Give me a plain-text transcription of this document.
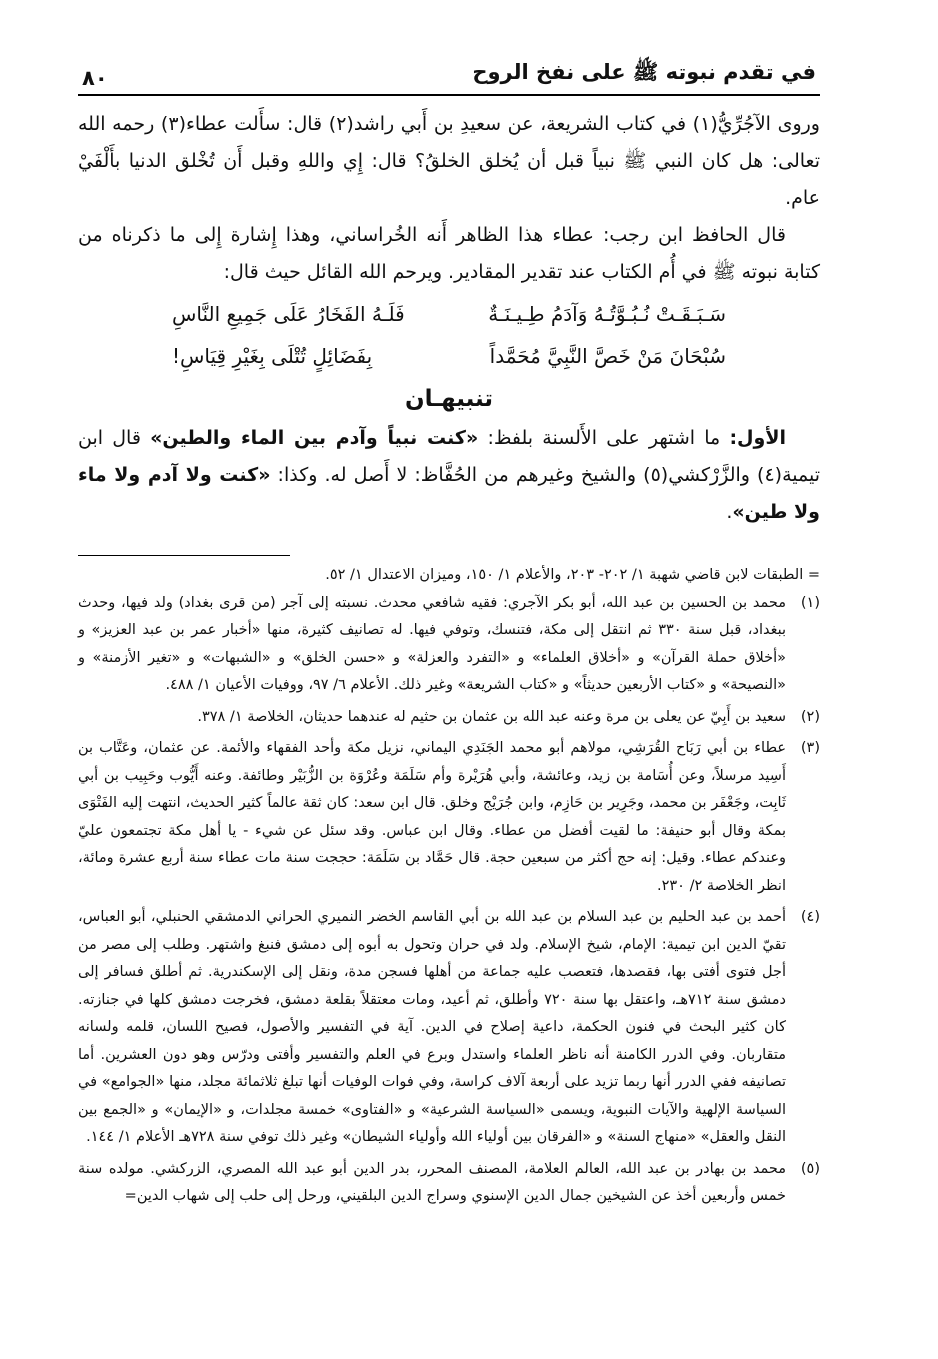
في تقدم نبوته ﷺ على نفخ الروح
٨٠

وروى الآجُرِّيُّ(١) في كتاب الشريعة، عن سعيدِ بن أَبي راشد(٢) قال: سأَلت عطاء(٣) رحمه الله تعالى: هل كان النبي ﷺ نبياً قبل أن يُخلق الخلقُ؟ قال: إِي واللهِ وقبل أَن تُخْلق الدنيا بأَلْفَيْ عام.

قال الحافظ ابن رجب: عطاء هذا الظاهر أَنه الخُراساني، وهذا إِشارة إِلى ما ذكرناه من كتابة نبوته ﷺ في أُم الكتاب عند تقدير المقادير. ويرحم الله القائل حيث قال:

سَـبَـقَـتْ نُـبُـوَّتُـهُ وَآدَمُ طِـيـنَـةٌ
فَلَـهُ الفَخَارُ عَلَى جَمِيعِ النَّاسِ
سُبْحَانَ مَنْ خَصَّ النَّبِيَّ مُحَمَّداً
بِفَضَائِلٍ تُتْلَى بِغَيْرِ قِيَاسِ!
تنبيهـان

الأول: ما اشتهر على الأَلسنة بلفظ: «كنت نبياً وآدم بين الماء والطين» قال ابن تيمية(٤) والزَّرْكشي(٥) والشيخ وغيرهم من الحُفَّاظ: لا أَصل له. وكذا: «كنت ولا آدم ولا ماء ولا طين».

= الطبقات لابن قاضي شهبة ١/ ٢٠٢- ٢٠٣، والأعلام ١/ ١٥٠، وميزان الاعتدال ١/ ٥٢.

(١)
محمد بن الحسين بن عبد الله، أبو بكر الآجري: فقيه شافعي محدث. نسبته إلى آجر (من قرى بغداد) ولد فيها، وحدث ببغداد، قبل سنة ٣٣٠ ثم انتقل إلى مكة، فتنسك، وتوفي فيها. له تصانيف كثيرة، منها «أخبار عمر بن عبد العزيز» و «أخلاق حملة القرآن» و «أخلاق العلماء» و «التفرد والعزلة» و «حسن الخلق» و «الشبهات» و «تغير الأزمنة» و «النصيحة» و «كتاب الأربعين حديثاً» و «كتاب الشريعة» وغير ذلك. الأعلام ٦/ ٩٧، ووفيات الأعيان ١/ ٤٨٨.
(٢)
سعيد بن أَبِيّ عن يعلى بن مرة وعنه عبد الله بن عثمان بن حثيم له عندهما حديثان، الخلاصة ١/ ٣٧٨.
(٣)
عطاء بن أبي رَبَاح القُرَشِي، مولاهم أبو محمد الجَنَدِي اليماني، نزيل مكة وأحد الفقهاء والأئمة. عن عثمان، وعَتَّاب بن أَسِيد مرسلاً، وعن أُسَامة بن زيد، وعائشة، وأبي هُرَيْرة وأم سَلَمَة وعُرْوَة بن الزُّبَيْر وطائفة. وعنه أَيُّوب وحَبِيب بن أبي ثَابِت، وجَعْفَر بن محمد، وجَرِير بن حَازِم، وابن جُرَيْج وخلق. قال ابن سعد: كان ثقة عالماً كثير الحديث، انتهت إليه الفَتْوَى بمكة وقال أبو حنيفة: ما لقيت أفضل من عطاء. وقال ابن عباس. وقد سئل عن شيء - يا أهل مكة تجتمعون عليّ وعندكم عطاء. وقيل: إنه حج أكثر من سبعين حجة. قال حَمَّاد بن سَلَمَة: حججت سنة مات عطاء سنة أربع عشرة ومائة، انظر الخلاصة ٢/ ٢٣٠.
(٤)
أحمد بن عبد الحليم بن عبد السلام بن عبد الله بن أبي القاسم الخضر النميري الحراني الدمشقي الحنبلي، أبو العباس، تقيّ الدين ابن تيمية: الإمام، شيخ الإسلام. ولد في حران وتحول به أبوه إلى دمشق فنبغ واشتهر. وطلب إلى مصر من أجل فتوى أفتى بها، فقصدها، فتعصب عليه جماعة من أهلها فسجن مدة، ونقل إلى الإسكندرية. ثم أطلق فسافر إلى دمشق سنة ٧١٢هـ، واعتقل بها سنة ٧٢٠ وأطلق، ثم أعيد، ومات معتقلاً بقلعة دمشق، فخرجت دمشق كلها في جنازته. كان كثير البحث في فنون الحكمة، داعية إصلاح في الدين. آية في التفسير والأصول، فصيح اللسان، قلمه ولسانه متقاربان. وفي الدرر الكامنة أنه ناظر العلماء واستدل وبرع في العلم والتفسير وأفتى ودرّس وهو دون العشرين. أما تصانيفه ففي الدرر أنها ربما تزيد على أربعة آلاف كراسة، وفي فوات الوفيات أنها تبلغ ثلاثمائة مجلد، منها «الجوامع» في السياسة الإلهية والآيات النبوية، ويسمى «السياسة الشرعية» و «الفتاوى» خمسة مجلدات، و «الإيمان» و «الجمع بين النقل والعقل» «منهاج السنة» و «الفرقان بين أولياء الله وأولياء الشيطان» وغير ذلك توفي سنة ٧٢٨هـ الأعلام ١/ ١٤٤.
(٥)
محمد بن بهادر بن عبد الله، العالم العلامة، المصنف المحرر، بدر الدين أبو عبد الله المصري، الزركشي. مولده سنة خمس وأربعين أخذ عن الشيخين جمال الدين الإسنوي وسراج الدين البلقيني، ورحل إلى حلب إلى شهاب الدين=
